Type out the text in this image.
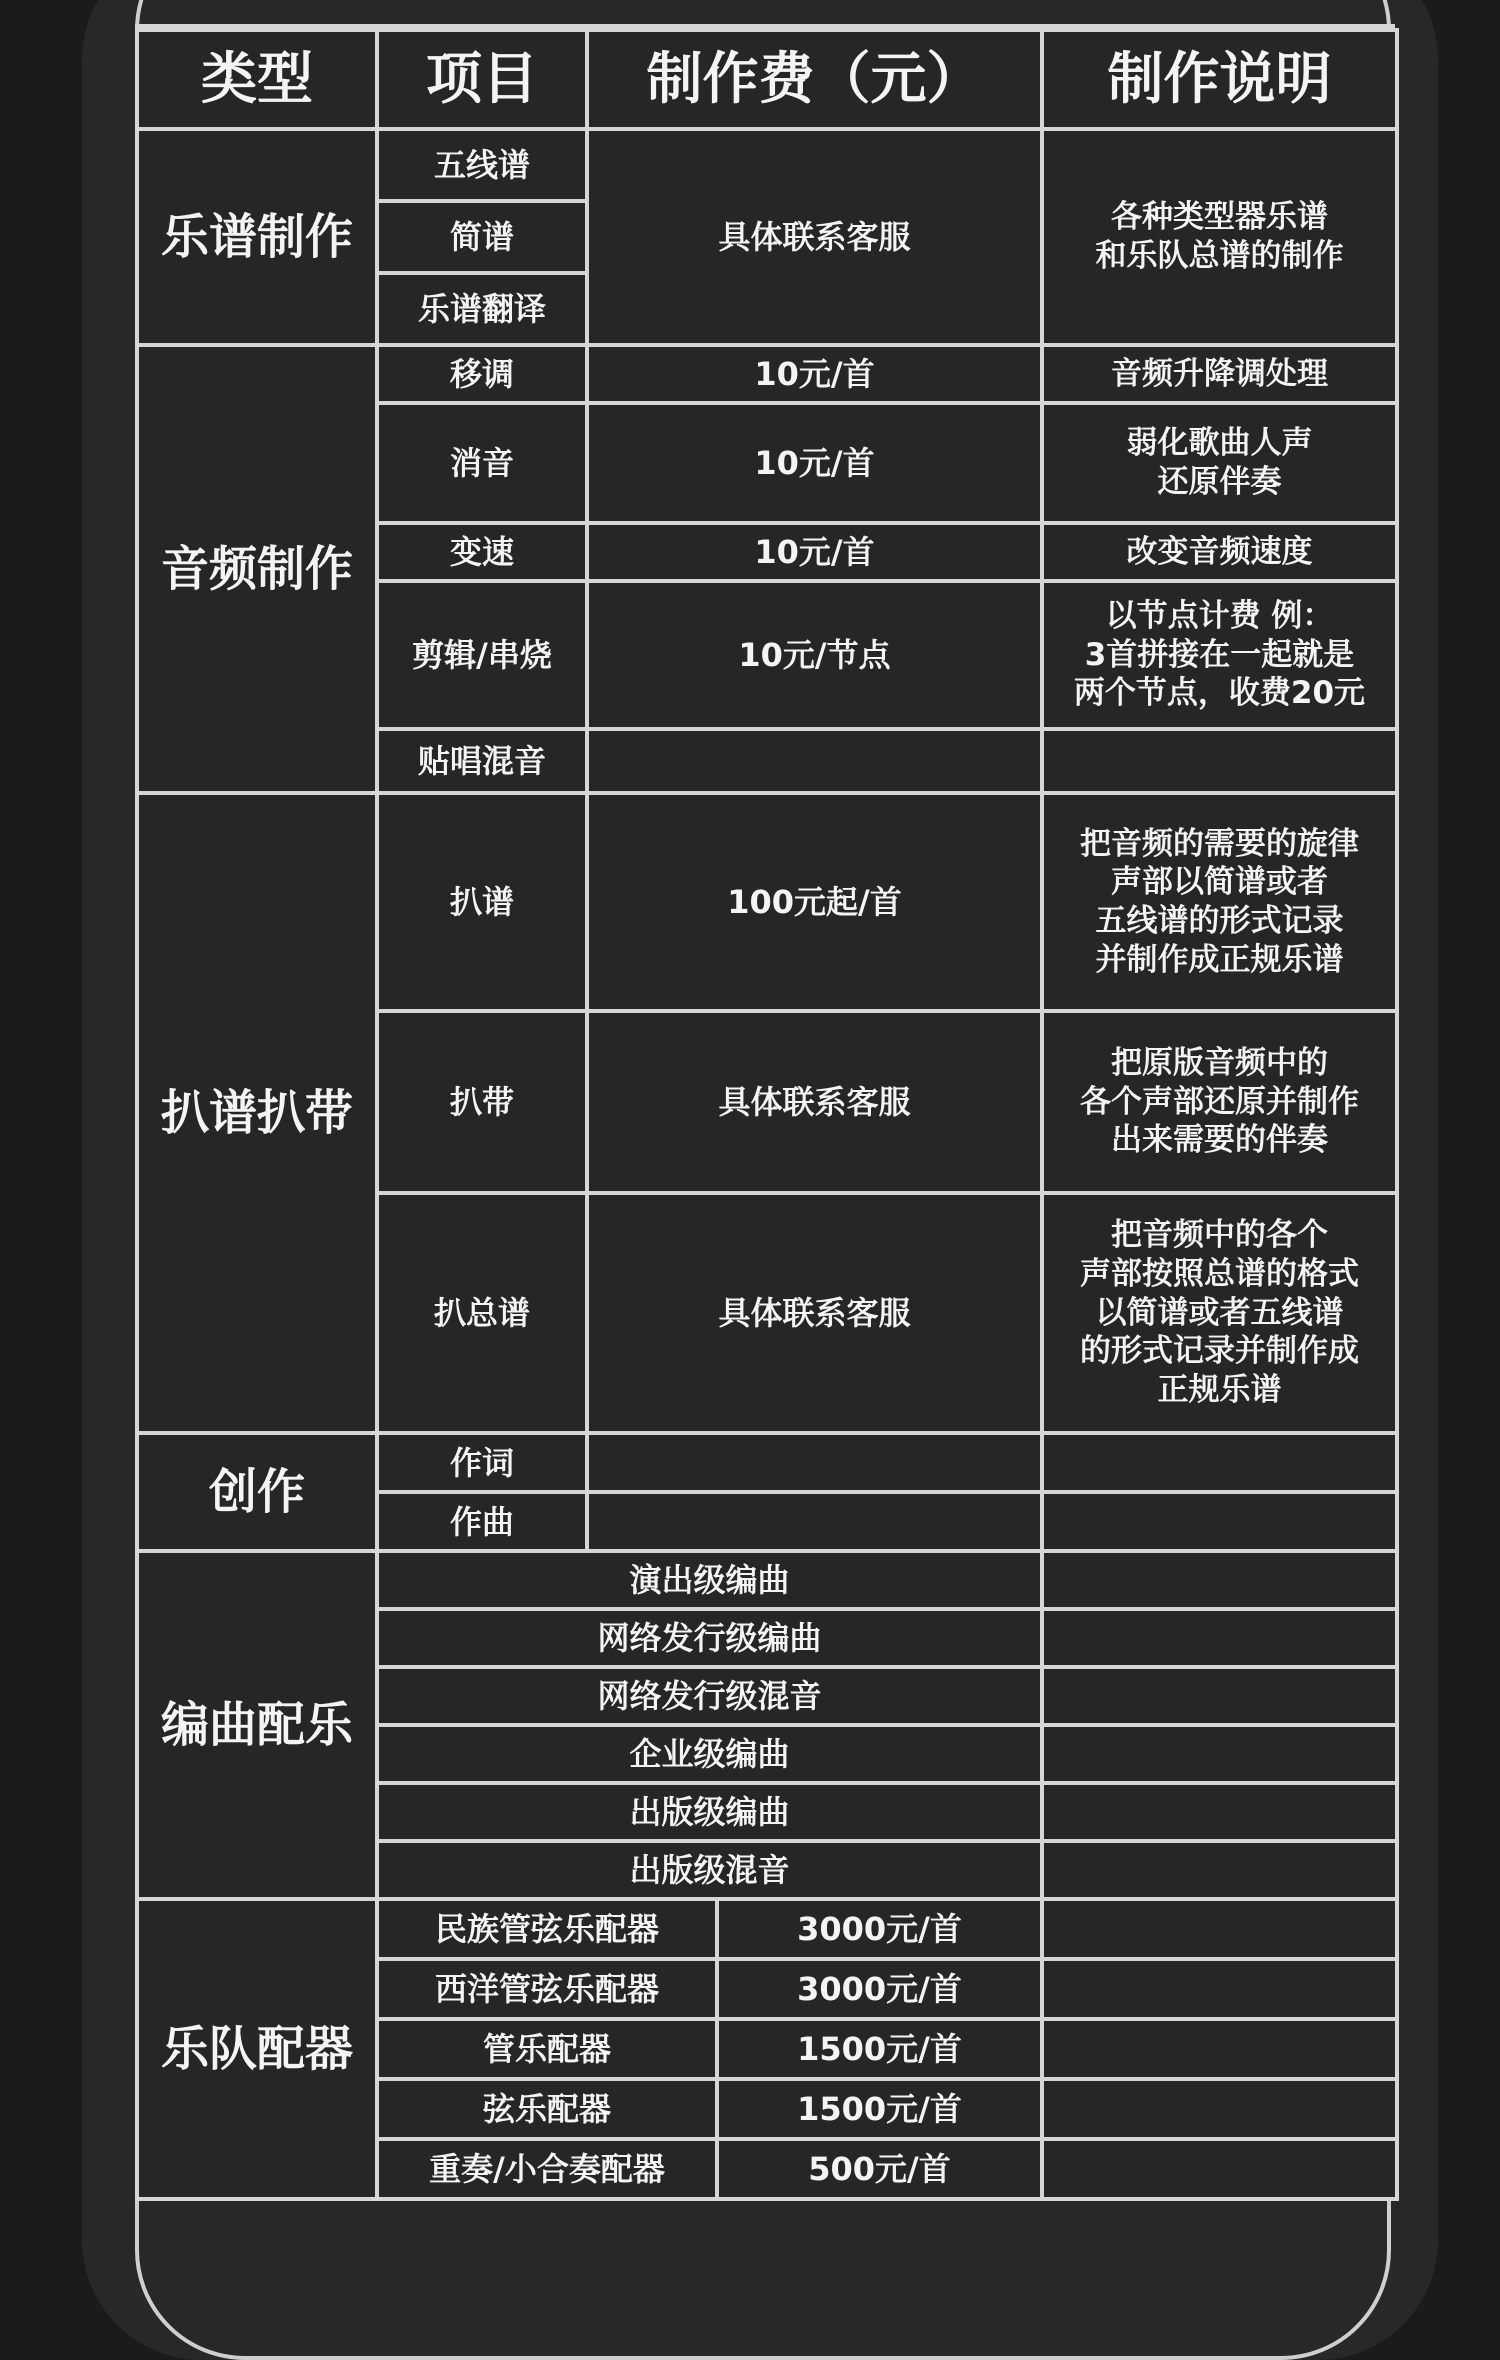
类型	项目	制作费（元）		制作说明
乐谱制作	五线谱	具体联系客服		各种类型器乐谱
和乐队总谱的制作
	简谱			
	乐谱翻译			
音频制作	移调	10元/首		音频升降调处理
	消音	10元/首		弱化歌曲人声
还原伴奏
	变速	10元/首		改变音频速度
	剪辑/串烧	10元/节点		以节点计费 例：
3首拼接在一起就是
两个节点，收费20元
	贴唱混音			
扒谱扒带	扒谱	100元起/首		把音频的需要的旋律
声部以简谱或者
五线谱的形式记录
并制作成正规乐谱
	扒带	具体联系客服		把原版音频中的
各个声部还原并制作
出来需要的伴奏
	扒总谱	具体联系客服		把音频中的各个
声部按照总谱的格式
以简谱或者五线谱
的形式记录并制作成
正规乐谱
创作	作词			
	作曲			
编曲配乐	演出级编曲			
	网络发行级编曲			
	网络发行级混音			
	企业级编曲			
	出版级编曲			
	出版级混音			
乐队配器	民族管弦乐配器		3000元/首	
	西洋管弦乐配器		3000元/首	
	管乐配器		1500元/首	
	弦乐配器		1500元/首	
	重奏/小合奏配器		500元/首	
